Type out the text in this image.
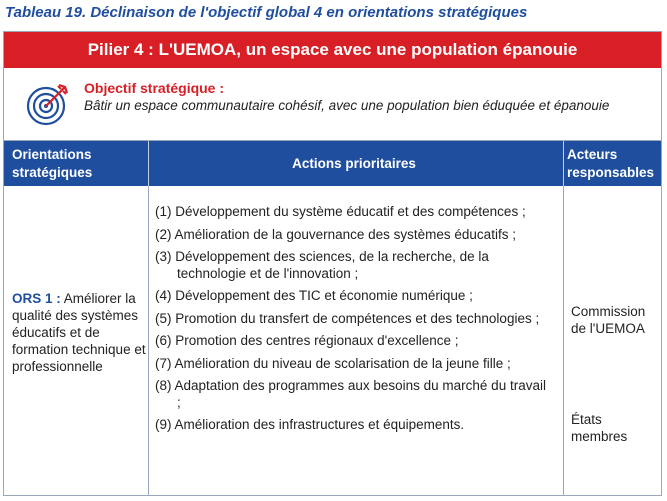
Tableau 19. Déclinaison de l'objectif global 4 en orientations stratégiques
Pilier 4 : L'UEMOA, un espace avec une population épanouie
Objectif stratégique :
Bâtir un espace communautaire cohésif, avec une population bien éduquée et épanouie
Orientations stratégiques
Actions prioritaires
Acteurs responsables
ORS 1 : Améliorer la qualité des systèmes éducatifs et de formation technique et professionnelle
(1) Développement du système éducatif et des compétences ;
(2) Amélioration de la gouvernance des systèmes éducatifs ;
(3) Développement des sciences, de la recherche, de la technologie et de l'innovation ;
(4) Développement des TIC et économie numérique ;
(5) Promotion du transfert de compétences et des technologies ;
(6) Promotion des centres régionaux d'excellence ;
(7) Amélioration du niveau de scolarisation de la jeune fille ;
(8) Adaptation des programmes aux besoins du marché du travail ;
(9) Amélioration des infrastructures et équipements.
Commission de l'UEMOA
États membres
